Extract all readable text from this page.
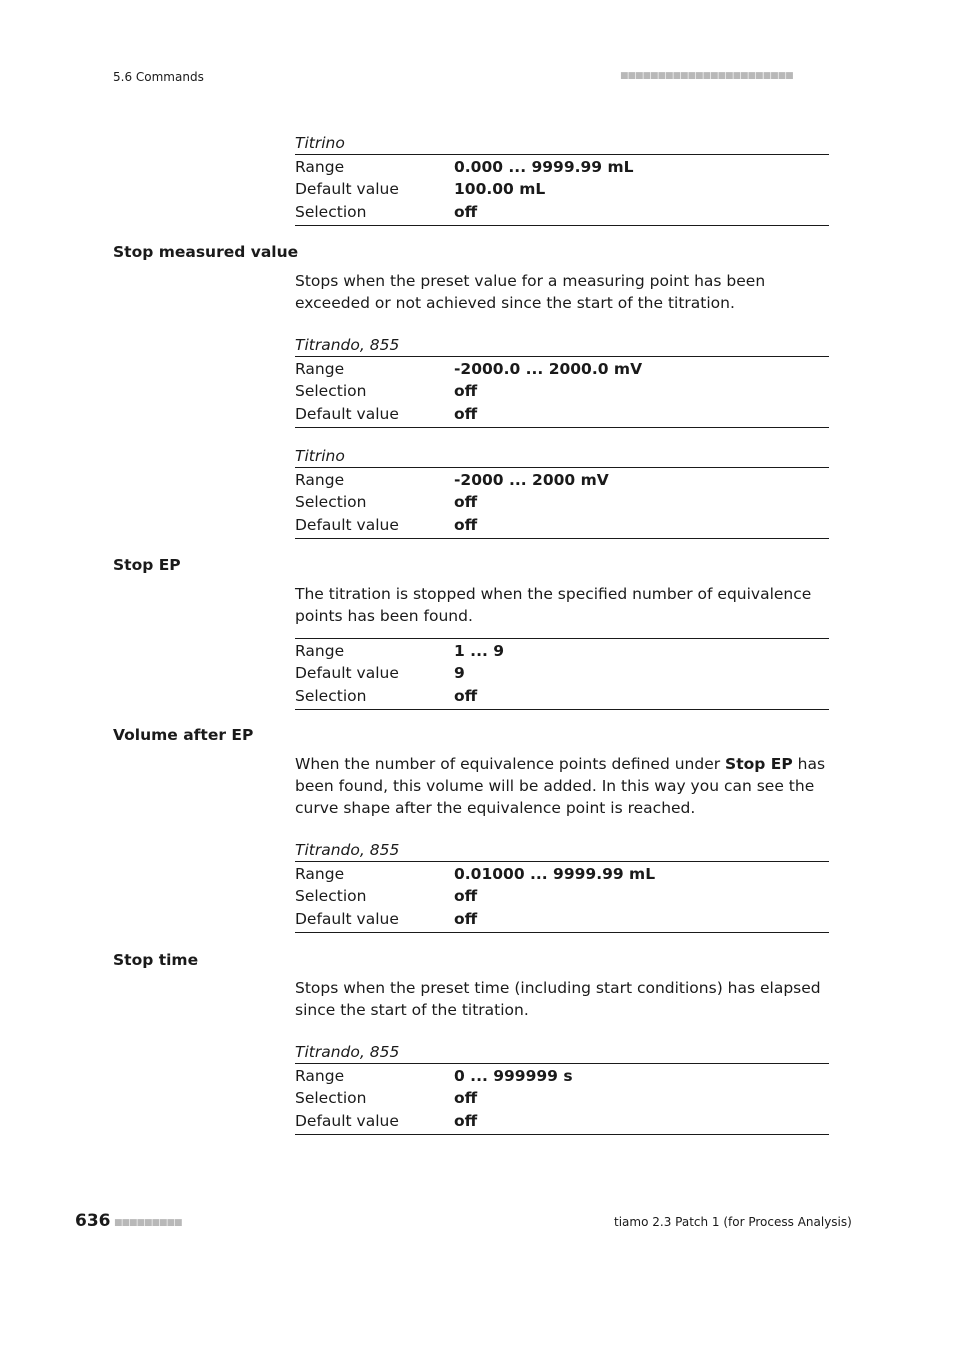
5.6 Commands	■■■■■■■■■■■■■■■■■■■■■■■
Titrino
Range	0.000 ... 9999.99 mL
Default value	100.00 mL
Selection	off
Stop measured value
Stops when the preset value for a measuring point has been exceeded or not achieved since the start of the titration.
Titrando, 855
Range	-2000.0 ... 2000.0 mV
Selection	off
Default value	off
Titrino
Range	-2000 ... 2000 mV
Selection	off
Default value	off
Stop EP
The titration is stopped when the specified number of equivalence points has been found.
Range	1 ... 9
Default value	9
Selection	off
Volume after EP
When the number of equivalence points defined under Stop EP has been found, this volume will be added. In this way you can see the curve shape after the equivalence point is reached.
Titrando, 855
Range	0.01000 ... 9999.99 mL
Selection	off
Default value	off
Stop time
Stops when the preset time (including start conditions) has elapsed since the start of the titration.
Titrando, 855
Range	0 ... 999999 s
Selection	off
Default value	off
636 ■■■■■■■■■	tiamo 2.3 Patch 1 (for Process Analysis)
